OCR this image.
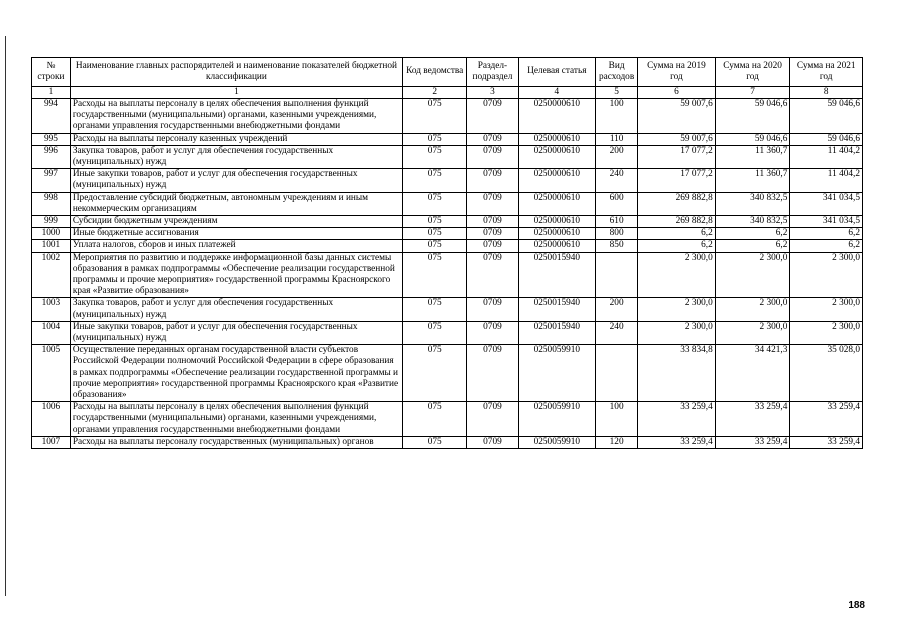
№ строки	Наименование главных распорядителей и наименование показателей бюджетной классификации	Код ведомства	Раздел-подраздел	Целевая статья	Вид расходов	Сумма на 2019 год	Сумма на 2020 год	Сумма на 2021 год
1	1	2	3	4	5	6	7	8
994	Расходы на выплаты персоналу в целях обеспечения выполнения функций государственными (муниципальными) органами, казенными учреждениями, органами управления государственными внебюджетными фондами	075	0709	0250000610	100	59 007,6	59 046,6	59 046,6
995	Расходы на выплаты персоналу казенных учреждений	075	0709	0250000610	110	59 007,6	59 046,6	59 046,6
996	Закупка товаров, работ и услуг для обеспечения государственных (муниципальных) нужд	075	0709	0250000610	200	17 077,2	11 360,7	11 404,2
997	Иные закупки товаров, работ и услуг для обеспечения государственных (муниципальных) нужд	075	0709	0250000610	240	17 077,2	11 360,7	11 404,2
998	Предоставление субсидий бюджетным, автономным учреждениям и иным некоммерческим организациям	075	0709	0250000610	600	269 882,8	340 832,5	341 034,5
999	Субсидии бюджетным учреждениям	075	0709	0250000610	610	269 882,8	340 832,5	341 034,5
1000	Иные бюджетные ассигнования	075	0709	0250000610	800	6,2	6,2	6,2
1001	Уплата налогов, сборов и иных платежей	075	0709	0250000610	850	6,2	6,2	6,2
1002	Мероприятия по развитию и поддержке информационной базы данных системы образования в рамках подпрограммы «Обеспечение реализации государственной программы и прочие мероприятия» государственной программы Красноярского края «Развитие образования»	075	0709	0250015940		2 300,0	2 300,0	2 300,0
1003	Закупка товаров, работ и услуг для обеспечения государственных (муниципальных) нужд	075	0709	0250015940	200	2 300,0	2 300,0	2 300,0
1004	Иные закупки товаров, работ и услуг для обеспечения государственных (муниципальных) нужд	075	0709	0250015940	240	2 300,0	2 300,0	2 300,0
1005	Осуществление переданных органам государственной власти субъектов Российской Федерации полномочий Российской Федерации в сфере образования в рамках подпрограммы «Обеспечение реализации государственной программы и прочие мероприятия» государственной программы Красноярского края «Развитие образования»	075	0709	0250059910		33 834,8	34 421,3	35 028,0
1006	Расходы на выплаты персоналу в целях обеспечения выполнения функций государственными (муниципальными) органами, казенными учреждениями, органами управления государственными внебюджетными фондами	075	0709	0250059910	100	33 259,4	33 259,4	33 259,4
1007	Расходы на выплаты персоналу государственных (муниципальных) органов	075	0709	0250059910	120	33 259,4	33 259,4	33 259,4
188
